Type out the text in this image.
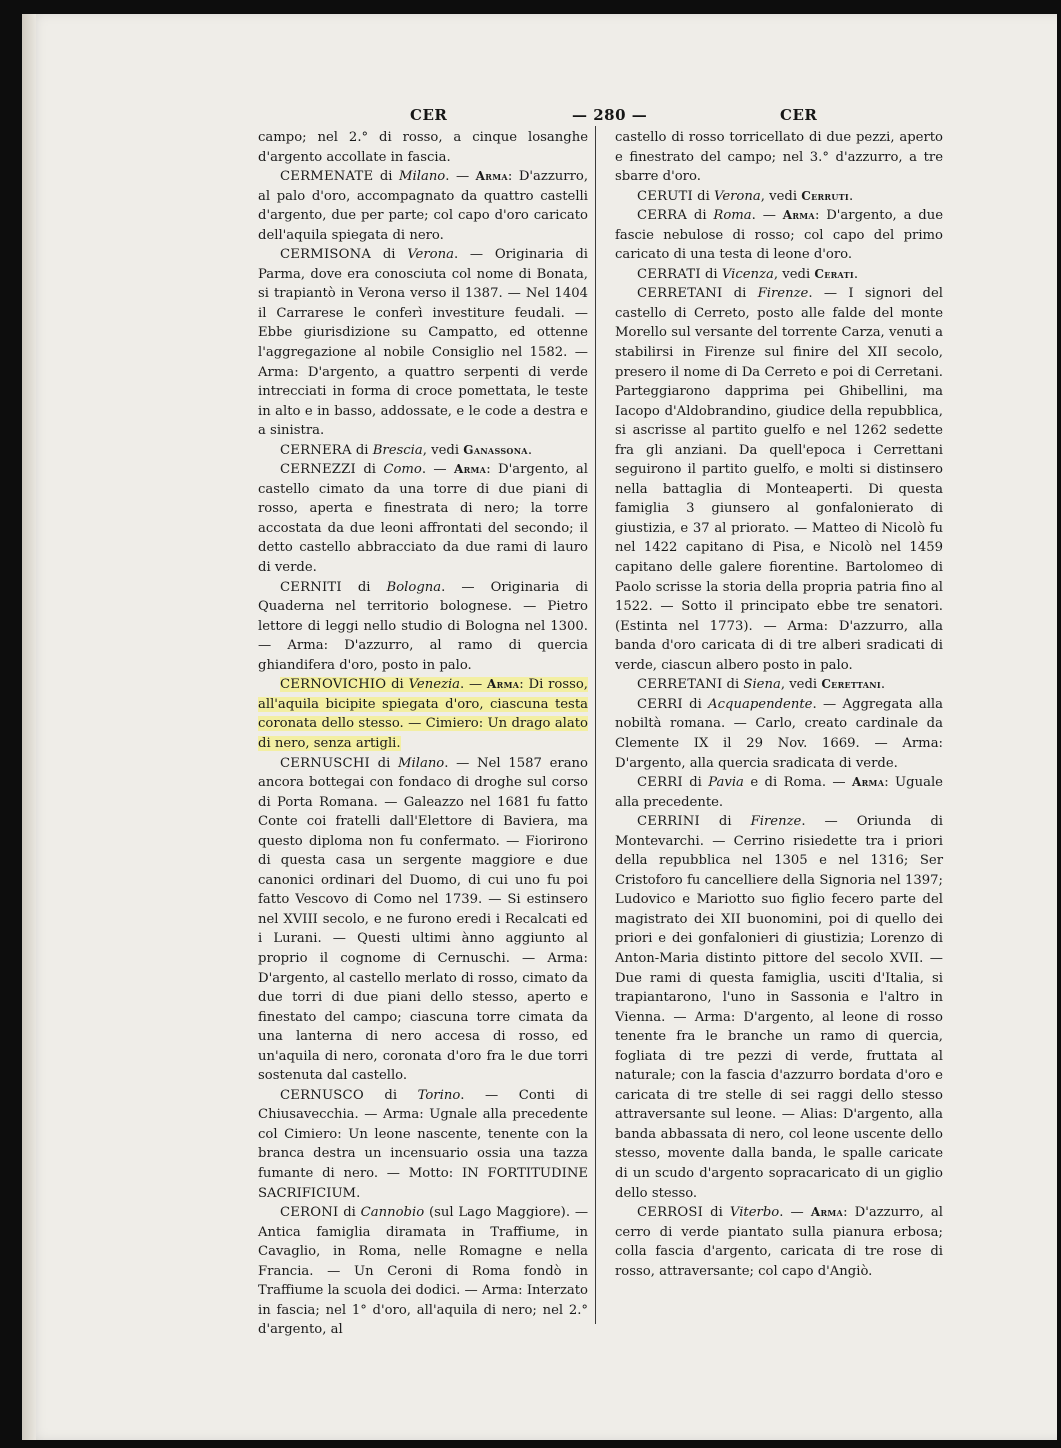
CER	— 280 —	CER

campo; nel 2.° di rosso, a cinque losanghe d'argento accollate in fascia.

CERMENATE di Milano. — Arma: D'azzurro, al palo d'oro, accompagnato da quattro castelli d'argento, due per parte; col capo d'oro caricato dell'aquila spiegata di nero.

CERMISONA di Verona. — Originaria di Parma, dove era conosciuta col nome di Bonata, si trapiantò in Verona verso il 1387. — Nel 1404 il Carrarese le conferì investiture feudali. — Ebbe giurisdizione su Campatto, ed ottenne l'aggregazione al nobile Consiglio nel 1582. — Arma: D'argento, a quattro serpenti di verde intrecciati in forma di croce pomettata, le teste in alto e in basso, addossate, e le code a destra e a sinistra.

CERNERA di Brescia, vedi Ganassona.

CERNEZZI di Como. — Arma: D'argento, al castello cimato da una torre di due piani di rosso, aperta e finestrata di nero; la torre accostata da due leoni affrontati del secondo; il detto castello abbracciato da due rami di lauro di verde.

CERNITI di Bologna. — Originaria di Quaderna nel territorio bolognese. — Pietro lettore di leggi nello studio di Bologna nel 1300. — Arma: D'azzurro, al ramo di quercia ghiandifera d'oro, posto in palo.

CERNOVICHIO di Venezia. — Arma: Di rosso, all'aquila bicipite spiegata d'oro, ciascuna testa coronata dello stesso. — Cimiero: Un drago alato di nero, senza artigli.

CERNUSCHI di Milano. — Nel 1587 erano ancora bottegai con fondaco di droghe sul corso di Porta Romana. — Galeazzo nel 1681 fu fatto Conte coi fratelli dall'Elettore di Baviera, ma questo diploma non fu confermato. — Fiorirono di questa casa un sergente maggiore e due canonici ordinari del Duomo, di cui uno fu poi fatto Vescovo di Como nel 1739. — Si estinsero nel XVIII secolo, e ne furono eredi i Recalcati ed i Lurani. — Questi ultimi ànno aggiunto al proprio il cognome di Cernuschi. — Arma: D'argento, al castello merlato di rosso, cimato da due torri di due piani dello stesso, aperto e finestato del campo; ciascuna torre cimata da una lanterna di nero accesa di rosso, ed un'aquila di nero, coronata d'oro fra le due torri sostenuta dal castello.

CERNUSCO di Torino. — Conti di Chiusavecchia. — Arma: Ugnale alla precedente col Cimiero: Un leone nascente, tenente con la branca destra un incensuario ossia una tazza fumante di nero. — Motto: IN FORTITUDINE SACRIFICIUM.

CERONI di Cannobio (sul Lago Maggiore). — Antica famiglia diramata in Traffiume, in Cavaglio, in Roma, nelle Romagne e nella Francia. — Un Ceroni di Roma fondò in Traffiume la scuola dei dodici. — Arma: Interzato in fascia; nel 1° d'oro, all'aquila di nero; nel 2.° d'argento, al

castello di rosso torricellato di due pezzi, aperto e finestrato del campo; nel 3.° d'azzurro, a tre sbarre d'oro.

CERUTI di Verona, vedi Cerruti.

CERRA di Roma. — Arma: D'argento, a due fascie nebulose di rosso; col capo del primo caricato di una testa di leone d'oro.

CERRATI di Vicenza, vedi Cerati.

CERRETANI di Firenze. — I signori del castello di Cerreto, posto alle falde del monte Morello sul versante del torrente Carza, venuti a stabilirsi in Firenze sul finire del XII secolo, presero il nome di Da Cerreto e poi di Cerretani. Parteggiarono dapprima pei Ghibellini, ma Iacopo d'Aldobrandino, giudice della repubblica, si ascrisse al partito guelfo e nel 1262 sedette fra gli anziani. Da quell'epoca i Cerrettani seguirono il partito guelfo, e molti si distinsero nella battaglia di Monteaperti. Di questa famiglia 3 giunsero al gonfalonierato di giustizia, e 37 al priorato. — Matteo di Nicolò fu nel 1422 capitano di Pisa, e Nicolò nel 1459 capitano delle galere fiorentine. Bartolomeo di Paolo scrisse la storia della propria patria fino al 1522. — Sotto il principato ebbe tre senatori. (Estinta nel 1773). — Arma: D'azzurro, alla banda d'oro caricata di di tre alberi sradicati di verde, ciascun albero posto in palo.

CERRETANI di Siena, vedi Cerettani.

CERRI di Acquapendente. — Aggregata alla nobiltà romana. — Carlo, creato cardinale da Clemente IX il 29 Nov. 1669. — Arma: D'argento, alla quercia sradicata di verde.

CERRI di Pavia e di Roma. — Arma: Uguale alla precedente.

CERRINI di Firenze. — Oriunda di Montevarchi. — Cerrino risiedette tra i priori della repubblica nel 1305 e nel 1316; Ser Cristoforo fu cancelliere della Signoria nel 1397; Ludovico e Mariotto suo figlio fecero parte del magistrato dei XII buonomini, poi di quello dei priori e dei gonfalonieri di giustizia; Lorenzo di Anton-Maria distinto pittore del secolo XVII. — Due rami di questa famiglia, usciti d'Italia, si trapiantarono, l'uno in Sassonia e l'altro in Vienna. — Arma: D'argento, al leone di rosso tenente fra le branche un ramo di quercia, fogliata di tre pezzi di verde, fruttata al naturale; con la fascia d'azzurro bordata d'oro e caricata di tre stelle di sei raggi dello stesso attraversante sul leone. — Alias: D'argento, alla banda abbassata di nero, col leone uscente dello stesso, movente dalla banda, le spalle caricate di un scudo d'argento sopracaricato di un giglio dello stesso.

CERROSI di Viterbo. — Arma: D'azzurro, al cerro di verde piantato sulla pianura erbosa; colla fascia d'argento, caricata di tre rose di rosso, attraversante; col capo d'Angiò.
